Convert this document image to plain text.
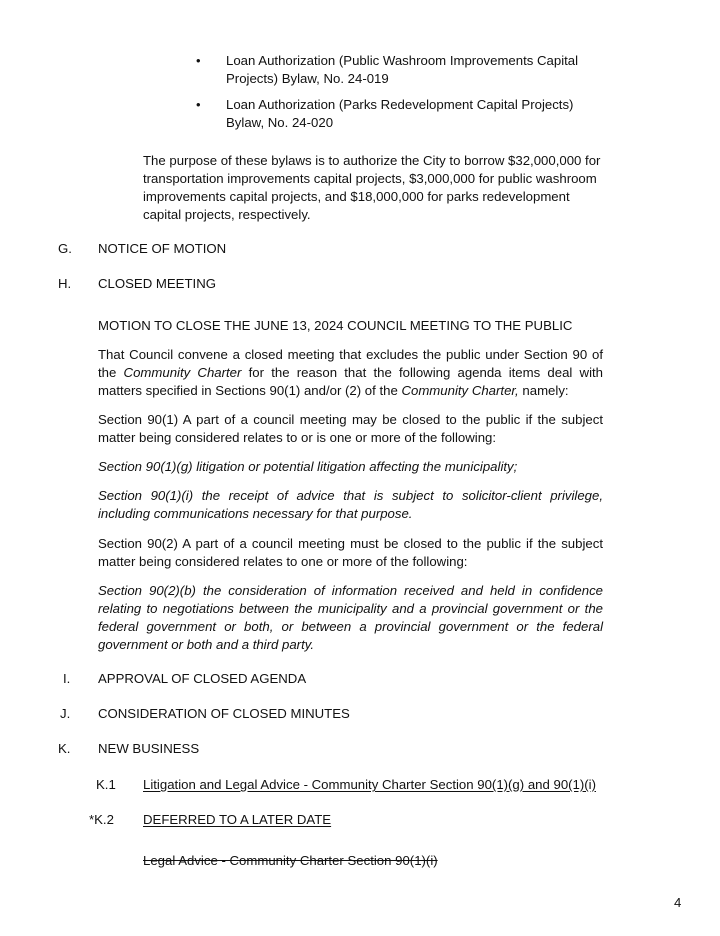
• Loan Authorization (Public Washroom Improvements Capital Projects) Bylaw, No. 24-019
• Loan Authorization (Parks Redevelopment Capital Projects) Bylaw, No. 24-020
The purpose of these bylaws is to authorize the City to borrow $32,000,000 for transportation improvements capital projects, $3,000,000 for public washroom improvements capital projects, and $18,000,000 for parks redevelopment capital projects, respectively.
G.	NOTICE OF MOTION
H.	CLOSED MEETING
MOTION TO CLOSE THE JUNE 13, 2024 COUNCIL MEETING TO THE PUBLIC
That Council convene a closed meeting that excludes the public under Section 90 of the Community Charter for the reason that the following agenda items deal with matters specified in Sections 90(1) and/or (2) of the Community Charter, namely:
Section 90(1) A part of a council meeting may be closed to the public if the subject matter being considered relates to or is one or more of the following:
Section 90(1)(g) litigation or potential litigation affecting the municipality;
Section 90(1)(i) the receipt of advice that is subject to solicitor-client privilege, including communications necessary for that purpose.
Section 90(2) A part of a council meeting must be closed to the public if the subject matter being considered relates to one or more of the following:
Section 90(2)(b) the consideration of information received and held in confidence relating to negotiations between the municipality and a provincial government or the federal government or both, or between a provincial government or the federal government or both and a third party.
I.	APPROVAL OF CLOSED AGENDA
J.	CONSIDERATION OF CLOSED MINUTES
K.	NEW BUSINESS
K.1 Litigation and Legal Advice - Community Charter Section 90(1)(g) and 90(1)(i)
*K.2 DEFERRED TO A LATER DATE
Legal Advice - Community Charter Section 90(1)(i)
4
